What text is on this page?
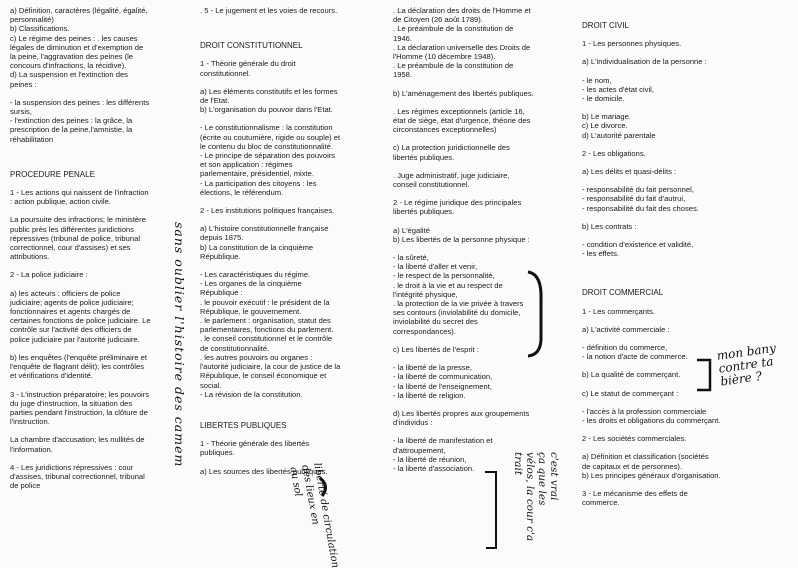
a) Définition, caractères (légalité, égalité,
personnalité)
b) Classifications.
c) Le régime des peines : . les causes
légales de diminution et d'exemption de
la peine, l'aggravation des peines (le
concours d'infractions, la récidive).
d) La suspension et l'extinction des
peines :

- la suspension des peines : les différents
sursis,
- l'extinction des peines : la grâce, la
prescription de la peine,l'amnistie, la
réhabilitation

PROCEDURE PENALE

1 - Les actions qui naissent de l'infraction
: action publique, action civile.

La poursuite des infractions; le ministère
public près les différentes juridictions
répressives (tribunal de police, tribunal
correctionnel, cour d'assises) et ses
attributions.

2 - La police judiciaire :

a) les acteurs : officiers de police
judiciaire; agents de police judiciaire;
fonctionnaires et agents chargés de
certaines fonctions de police judiciaire. Le
contrôle sur l'activité des officiers de
police judiciaire par l'autorité judiciaire.

b) les enquêtes (l'enquête préliminaire et
l'enquête de flagrant délit); les contrôles
et vérifications d'identité.

3 - L'instruction préparatoire; les pouvoirs
du juge d'instruction, la situation des
parties pendant l'instruction, la clôture de
l'instruction.

La chambre d'accusation; les nullités de
l'information.

4 - Les juridictions répressives : cour
d'assises, tribunal correctionnel, tribunal
de police

. 5 - Le jugement et les voies de recours.

DROIT CONSTITUTIONNEL

1 - Théorie générale du droit
constitutionnel.

a) Les éléments constitutifs et les formes
de l'Etat.
b) L'organisation du pouvoir dans l'Etat.

- Le constitutionnalisme : la constitution
(écrite ou coutumière, rigide ou souple) et
le contenu du bloc de constitutionnalité.
- Le principe de séparation des pouvoirs
et son application : régimes
parlementaire, présidentiel, mixte.
- La participation des citoyens : les
élections, le référendum.

2 - Les institutions politiques françaises.

a) L'histoire constitutionnelle française
depuis 1875.
b) La constitution de la cinquième
République.

- Les caractéristiques du régime.
- Les organes de la cinquième
République :
. le pouvoir exécutif : le président de la
République, le gouvernement.
. le parlement : organisation, statut des
parlementaires, fonctions du parlement.
. le conseil constitutionnel et le contrôle
de constitutionnalité.
. les autres pouvoirs ou organes :
l'autorité judiciaire, la cour de justice de la
République, le conseil économique et
social.
- La révision de la constitution.

LIBERTES PUBLIQUES

1 - Théorie générale des libertés
publiques.

a) Les sources des libertés publiques.

. La déclaration des droits de l'Homme et
de Citoyen (26 août 1789).
. Le préambule de la constitution de
1946.
. La déclaration universelle des Droits de
l'Homme (10 décembre 1948).
. Le préambule de la constitution de
1958.

b) L'aménagement des libertés publiques.

. Les régimes exceptionnels (article 16,
état de siège, état d'urgence, théorie des
circonstances exceptionnelles)

c) La protection juridictionnelle des
libertés publiques.

. Juge administratif, juge judiciaire,
conseil constitutionnel.

2 - Le régime juridique des principales
libertés publiques.

a) L'égalité
b) Les libertés de la personne physique :

- la sûreté,
- la liberté d'aller et venir,
- le respect de la personnalité,
. le droit à la vie et au respect de
l'intégrité physique,
. la protection de la vie privée à travers
ses contours (inviolabilité du domicile,
inviolabilité du secret des
correspondances).

c) Les libertés de l'esprit :

- la liberté de la presse,
- la liberté de communication,
- la liberté de l'enseignement,
- la liberté de religion.

d) Les libertés propres aux groupements
d'individus :

- la liberté de manifestation et
d'attroupement,
- la liberté de réunion,
- la liberté d'association.

DROIT CIVIL

1 - Les personnes physiques.

a) L'individualisation de la personne :

- le nom,
- les actes d'état civil,
- le domicile.

b) Le mariage.
c) Le divorce.
d) L'autorité parentale

2 - Les obligations.

a) Les délits et quasi-délits :

- responsabilité du fait personnel,
- responsabilité du fait d'autrui,
- responsabilité du fait des choses.

b) Les contrats :

- condition d'existence et validité,
- les effets.

DROIT COMMERCIAL

1 - Les commerçants.

a) L'activité commerciale :

- définition du commerce,
- la notion d'acte de commerce.

b) La qualité de commerçant.

c) Le statut de commerçant :

- l'accès à la profession commerciale
- les droits et obligations du commerçant.

2 - Les sociétés commerciales.

a) Définition et classification (sociétés
de capitaux et de personnes).
b) Les principes généraux d'organisation.

3 - Le mécanisme des effets de
commerce.

sans oublier l'histoire des camem
liberté de circulation
des lieux en
au sol
c'est vrai
ça que les
vélos, la cour c'a
trait
mon bany
contre ta
bière ?
